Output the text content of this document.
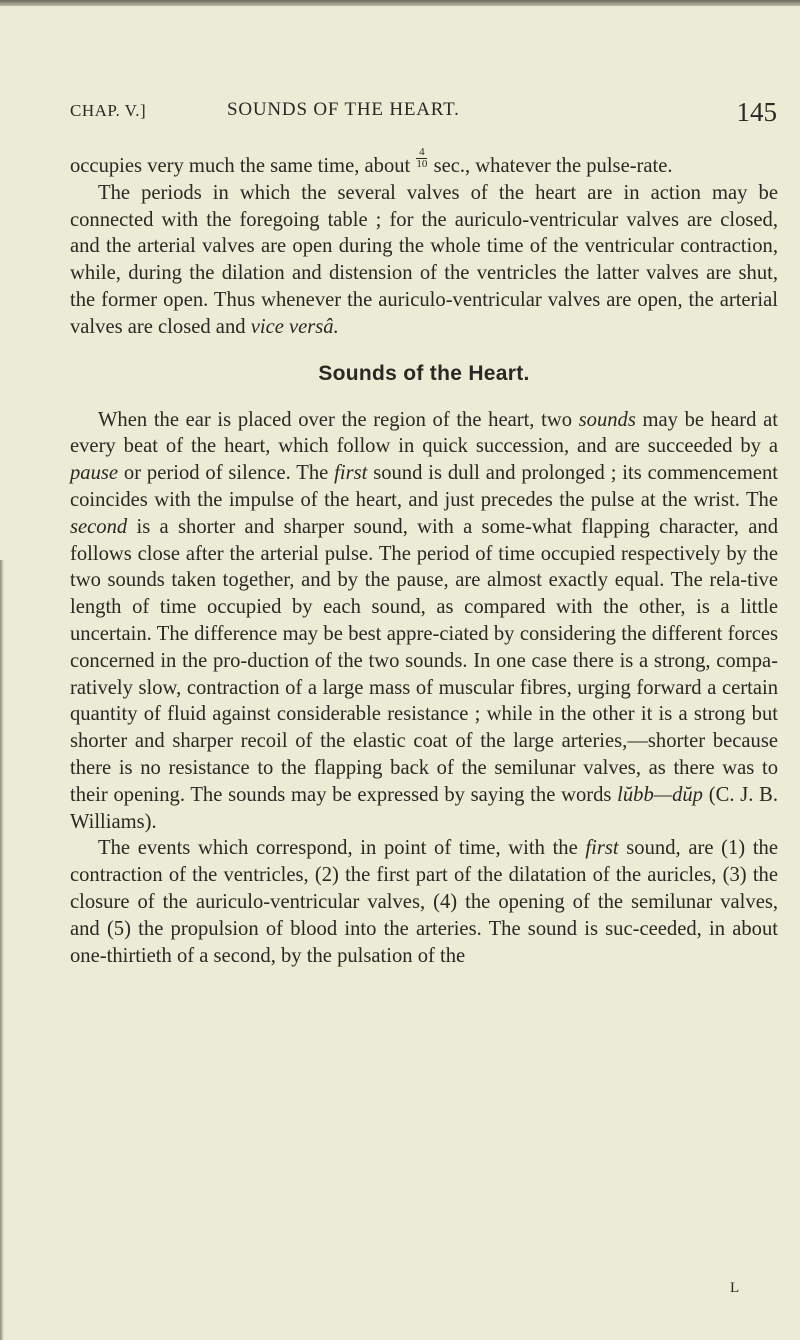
CHAP. V.]	SOUNDS OF THE HEART.	145

occupies very much the same time, about $\frac{4}{10} \sec$., whatever the pulse-rate.

The periods in which the several valves of the heart are in action may be connected with the foregoing table ; for the auriculo-ventricular valves are closed, and the arterial valves are open during the whole time of the ventricular contraction, while, during the dilation and distension of the ventricles the latter valves are shut, the former open. Thus whenever the auriculo-ventricular valves are open, the arterial valves are closed and vice versâ.

Sounds of the Heart.

When the ear is placed over the region of the heart, two sounds may be heard at every beat of the heart, which follow in quick succession, and are succeeded by a pause or period of silence. The first sound is dull and prolonged ; its commencement coincides with the impulse of the heart, and just precedes the pulse at the wrist. The second is a shorter and sharper sound, with a some-what flapping character, and follows close after the arterial pulse. The period of time occupied respectively by the two sounds taken together, and by the pause, are almost exactly equal. The rela-tive length of time occupied by each sound, as compared with the other, is a little uncertain. The difference may be best appre-ciated by considering the different forces concerned in the pro-duction of the two sounds. In one case there is a strong, compa-ratively slow, contraction of a large mass of muscular fibres, urging forward a certain quantity of fluid against considerable resistance ; while in the other it is a strong but shorter and sharper recoil of the elastic coat of the large arteries,—shorter because there is no resistance to the flapping back of the semilunar valves, as there was to their opening. The sounds may be expressed by saying the words lŭbb—dŭp (C. J. B. Williams).

The events which correspond, in point of time, with the first sound, are (1) the contraction of the ventricles, (2) the first part of the dilatation of the auricles, (3) the closure of the auriculo-ventricular valves, (4) the opening of the semilunar valves, and (5) the propulsion of blood into the arteries. The sound is suc-ceeded, in about one-thirtieth of a second, by the pulsation of the

L
